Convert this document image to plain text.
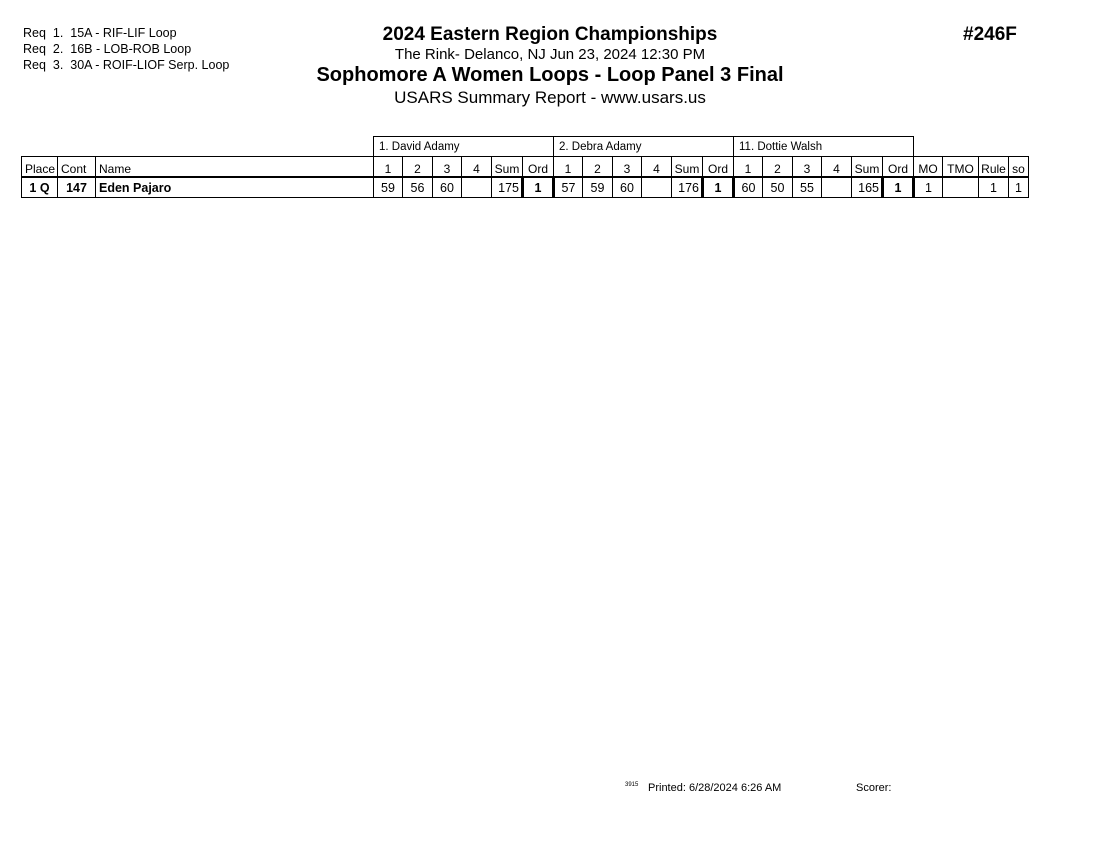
Req  1.  15A - RIF-LIF Loop
Req  2.  16B - LOB-ROB Loop
Req  3.  30A - ROIF-LIOF Serp. Loop
2024 Eastern Region Championships
The Rink- Delanco, NJ Jun 23, 2024 12:30 PM
Sophomore A Women Loops - Loop Panel 3 Final
USARS Summary Report - www.usars.us
#246F
			1. David Adamy						2. Debra Adamy						11. Dottie Walsh									
Place	Cont	Name	1	2	3	4	Sum	Ord	1	2	3	4	Sum	Ord	1	2	3	4	Sum	Ord	MO	TMO	Rule	so
1 Q	147	Eden Pajaro	59	56	60		175	1	57	59	60		176	1	60	50	55		165	1	1		1	1
3915 Printed: 6/28/2024 6:26 AM	Scorer:
